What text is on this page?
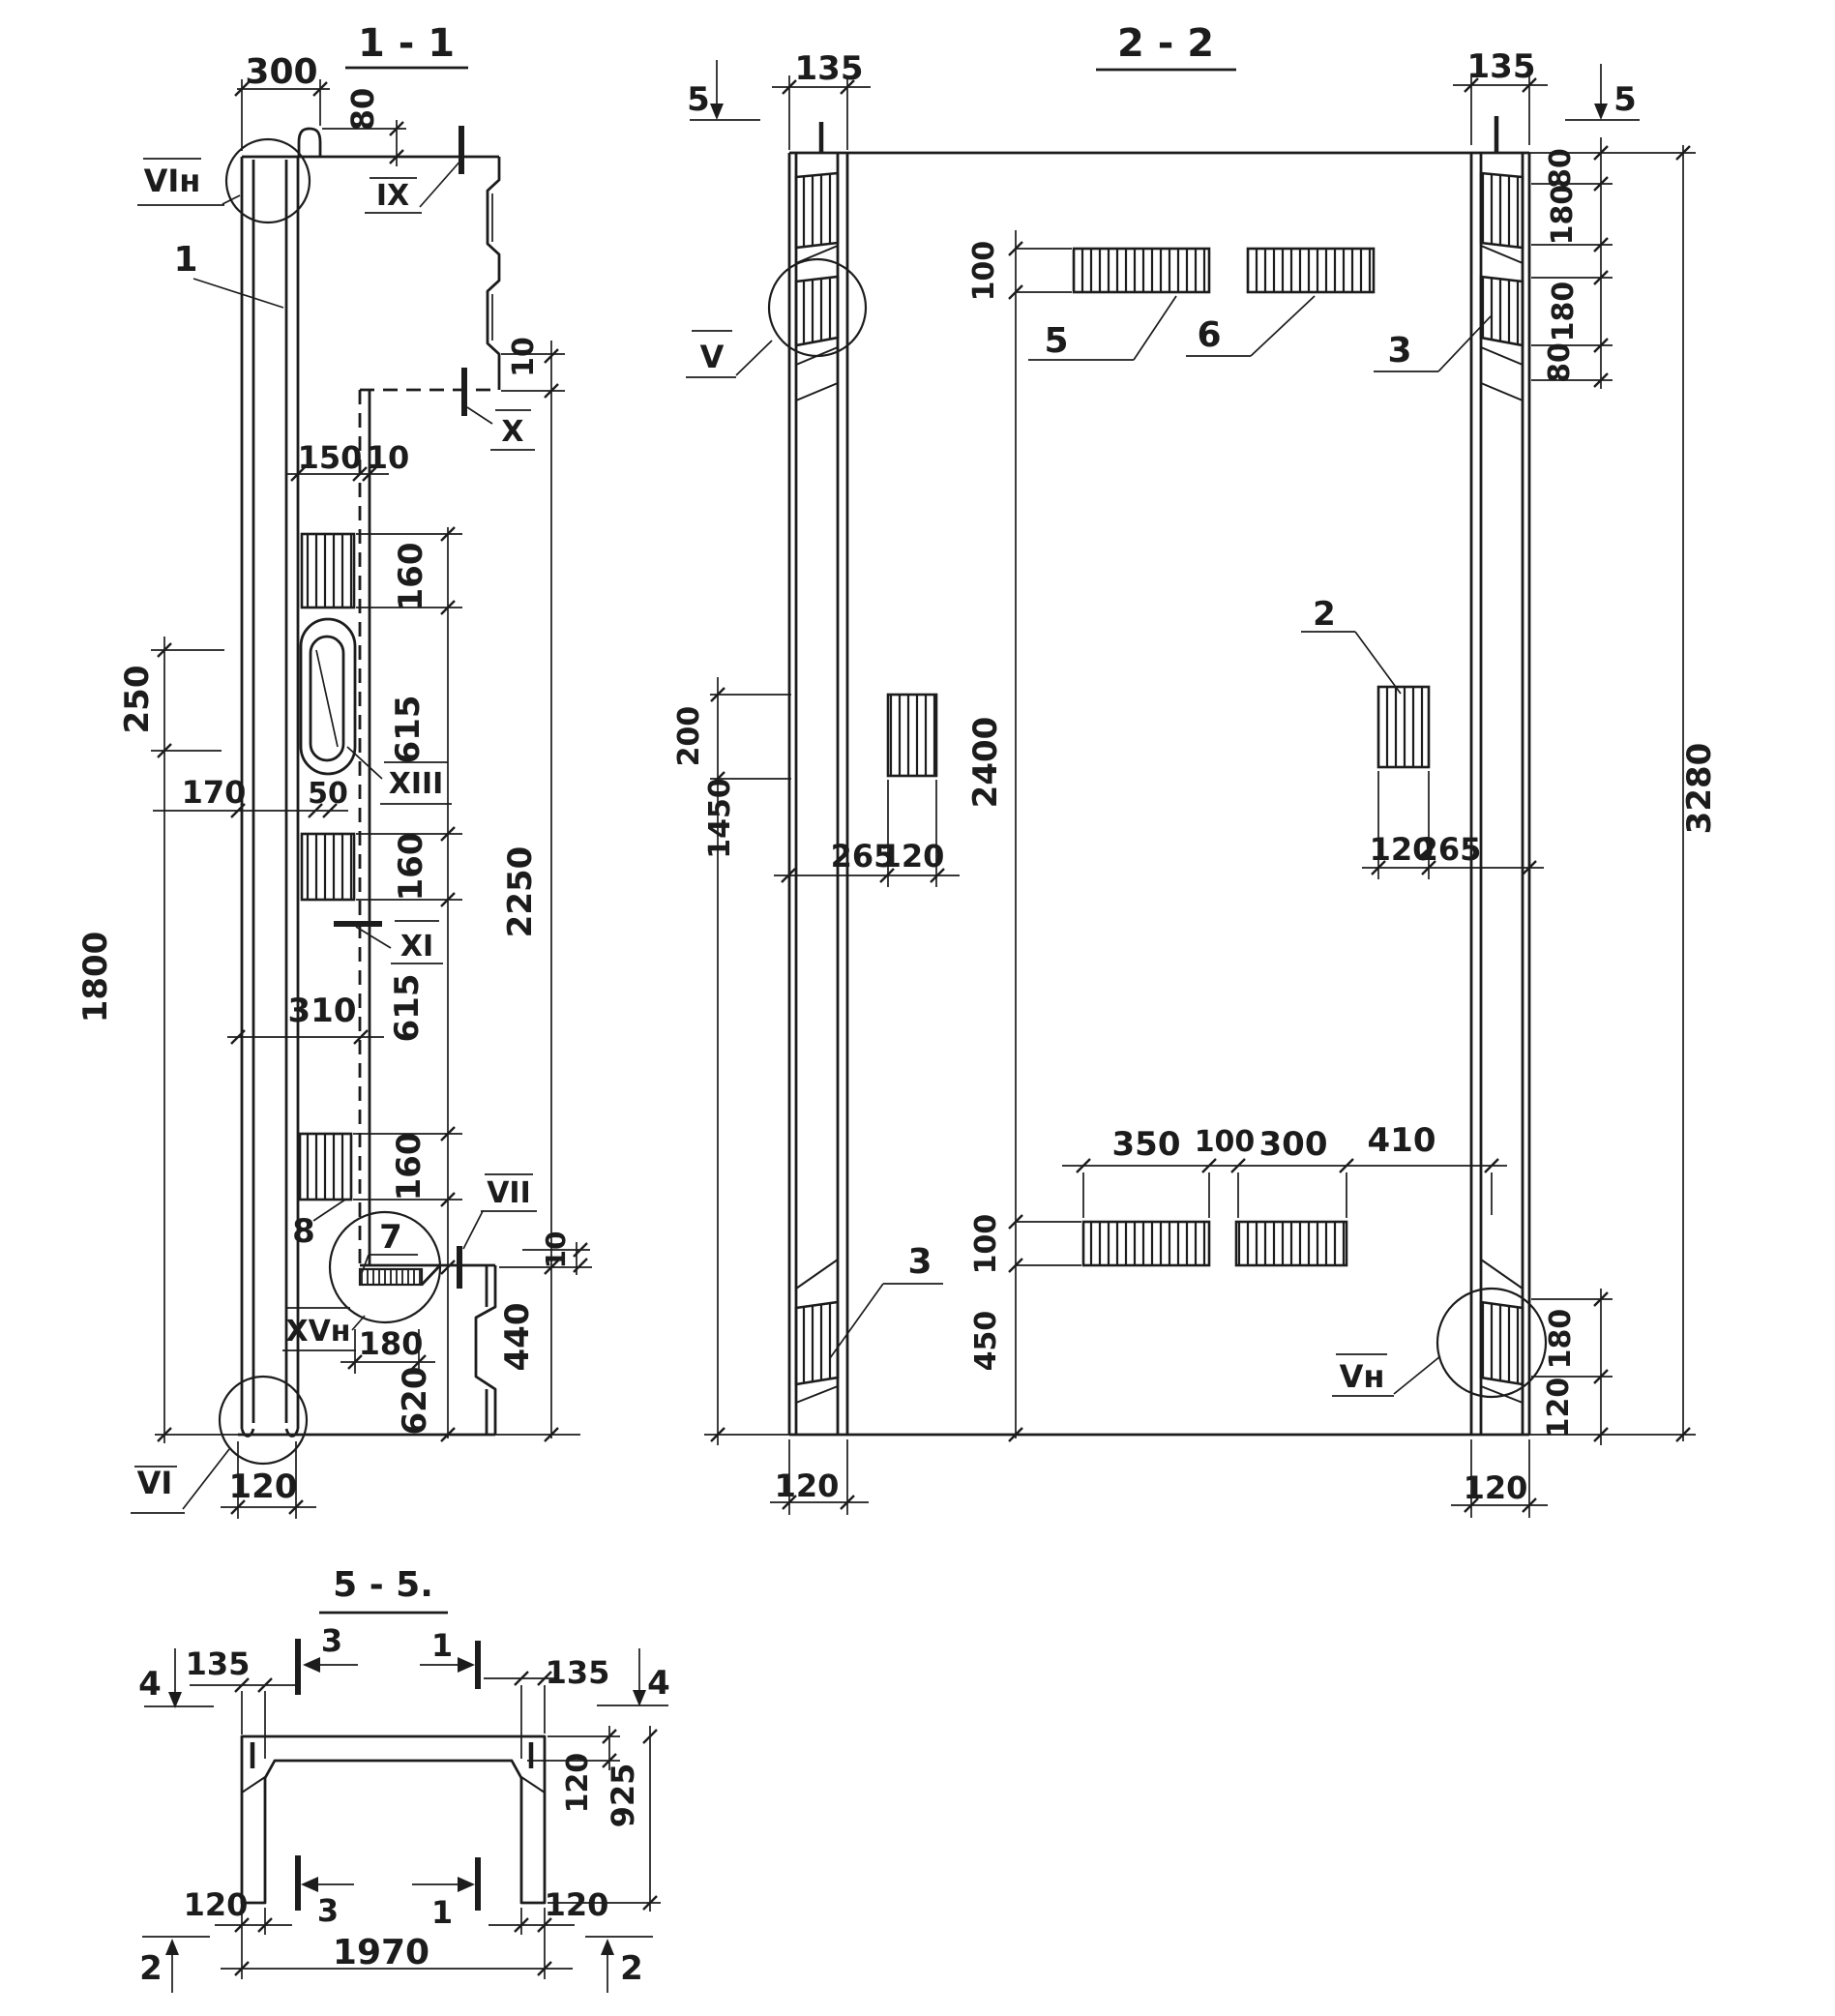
1 - 1
300
80
VIн
1
IX
10
X
150 10
160
615
250
170 50 XIII
160
XI
310 615
1800
2250
160
8 7
VII
XVн 180
10
440
620
VI 120
2 - 2
5	5
135	135
80
180
180
80
3280
100
5	6	3
V
200	2400
265
120
2
120
265
1450
350 100 300 410
100
450
3
Vн
180
120
120	120
5 - 5.
4
135
3	1
135 4
120 925
120 3	1	120
1970
2	2
